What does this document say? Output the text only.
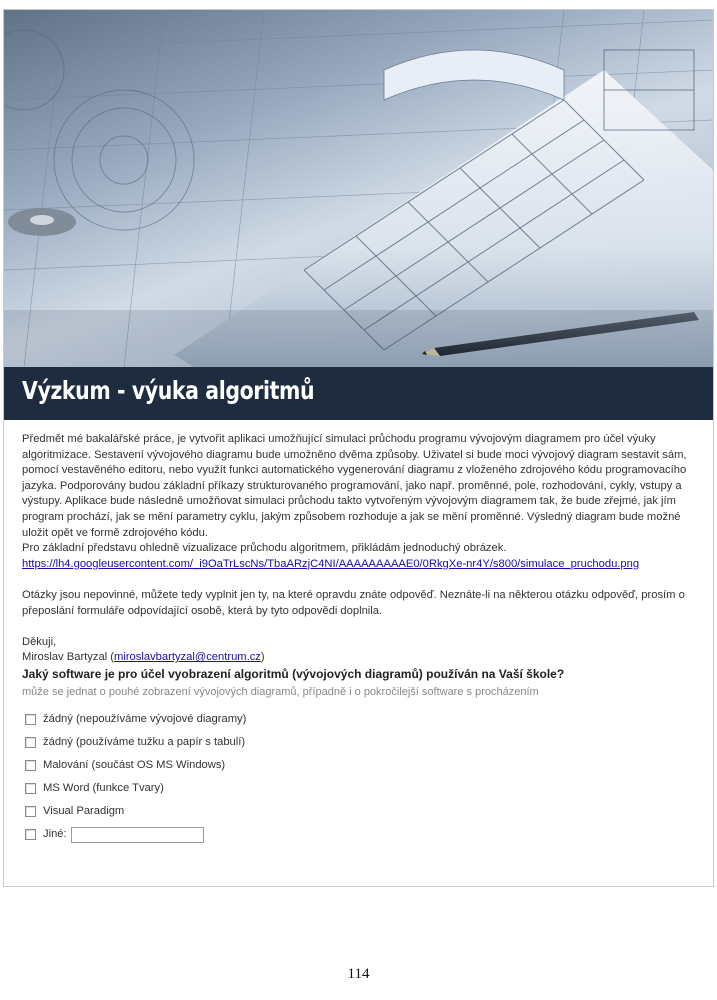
Výzkum - výuka algoritmů

Předmět mé bakalářské práce, je vytvořit aplikaci umožňující simulaci průchodu programu vývojovým diagramem pro účel výuky algoritmizace. Sestavení vývojového diagramu bude umožněno dvěma způsoby. Uživatel si bude moci vývojový diagram sestavit sám, pomocí vestavěného editoru, nebo využít funkci automatického vygenerování diagramu z vloženého zdrojového kódu programovacího jazyka. Podporovány budou základní příkazy strukturovaného programování, jako např. proměnné, pole, rozhodování, cykly, vstupy a výstupy. Aplikace bude následně umožňovat simulaci průchodu takto vytvořeným vývojovým diagramem tak, že bude zřejmé, jak jím program prochází, jak se mění parametry cyklu, jakým způsobem rozhoduje a jak se mění proměnné. Výsledný diagram bude možné uložit opět ve formě zdrojového kódu.

Pro základní představu ohledně vizualizace průchodu algoritmem, přikládám jednoduchý obrázek.

https://lh4.googleusercontent.com/_i9OaTrLscNs/TbaARzjC4NI/AAAAAAAAAE0/0RkgXe-nr4Y/s800/simulace_pruchodu.png

Otázky jsou nepovinné, můžete tedy vyplnit jen ty, na které opravdu znáte odpověď. Neznáte-li na některou otázku odpověď, prosím o přeposlání formuláře odpovídající osobě, která by tyto odpovědi doplnila.

Děkuji,

Miroslav Bartyzal (miroslavbartyzal@centrum.cz)

Jaký software je pro účel vyobrazení algoritmů (vývojových diagramů) používán na Vaší škole?

může se jednat o pouhé zobrazení vývojových diagramů, případně i o pokročilejší software s procházením

žádný (nepoužíváme vývojové diagramy)
žádný (používáme tužku a papír s tabulí)
Malování (součást OS MS Windows)
MS Word (funkce Tvary)
Visual Paradigm
Jiné:
114
